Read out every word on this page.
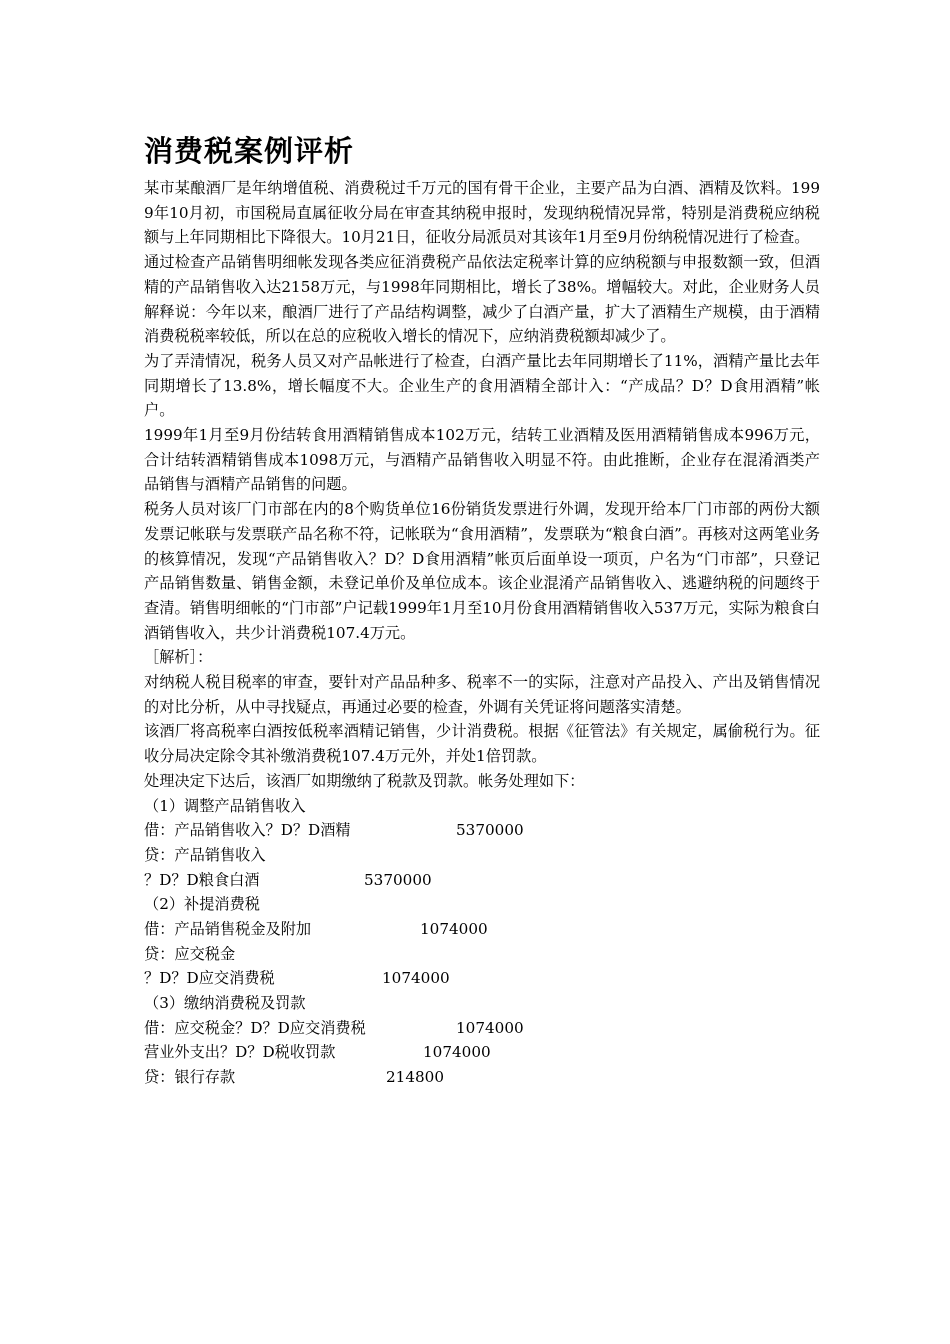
消费税案例评析

某市某酿酒厂是年纳增值税、消费税过千万元的国有骨干企业，主要产品为白酒、酒精及饮料。1999年10月初，市国税局直属征收分局在审查其纳税申报时，发现纳税情况异常，特别是消费税应纳税额与上年同期相比下降很大。10月21日，征收分局派员对其该年1月至9月份纳税情况进行了检查。

通过检查产品销售明细帐发现各类应征消费税产品依法定税率计算的应纳税额与申报数额一致，但酒精的产品销售收入达2158万元，与1998年同期相比，增长了38%。增幅较大。对此，企业财务人员解释说：今年以来，酿酒厂进行了产品结构调整，减少了白酒产量，扩大了酒精生产规模，由于酒精消费税税率较低，所以在总的应税收入增长的情况下，应纳消费税额却减少了。

为了弄清情况，税务人员又对产品帐进行了检查，白酒产量比去年同期增长了11%，酒精产量比去年同期增长了13.8%，增长幅度不大。企业生产的食用酒精全部计入：“产成品？D？D食用酒精”帐户。

1999年1月至9月份结转食用酒精销售成本102万元，结转工业酒精及医用酒精销售成本996万元，合计结转酒精销售成本1098万元，与酒精产品销售收入明显不符。由此推断，企业存在混淆酒类产品销售与酒精产品销售的问题。

税务人员对该厂门市部在内的8个购货单位16份销货发票进行外调，发现开给本厂门市部的两份大额发票记帐联与发票联产品名称不符，记帐联为“食用酒精”，发票联为“粮食白酒”。再核对这两笔业务的核算情况，发现“产品销售收入？D？D食用酒精”帐页后面单设一项页，户名为“门市部”，只登记产品销售数量、销售金额，未登记单价及单位成本。该企业混淆产品销售收入、逃避纳税的问题终于查清。销售明细帐的“门市部”户记载1999年1月至10月份食用酒精销售收入537万元，实际为粮食白酒销售收入，共少计消费税107.4万元。

［解析］：

对纳税人税目税率的审查，要针对产品品种多、税率不一的实际，注意对产品投入、产出及销售情况的对比分析，从中寻找疑点，再通过必要的检查，外调有关凭证将问题落实清楚。

该酒厂将高税率白酒按低税率酒精记销售，少计消费税。根据《征管法》有关规定，属偷税行为。征收分局决定除令其补缴消费税107.4万元外，并处1倍罚款。

处理决定下达后，该酒厂如期缴纳了税款及罚款。帐务处理如下：

（1）调整产品销售收入
借：产品销售收入？D？D酒精	5370000
贷：产品销售收入
？D？D粮食白酒	5370000
（2）补提消费税
借：产品销售税金及附加	1074000
贷：应交税金
？D？D应交消费税	1074000
（3）缴纳消费税及罚款
借：应交税金？D？D应交消费税	1074000
营业外支出？D？D税收罚款	1074000
贷：银行存款	214800
